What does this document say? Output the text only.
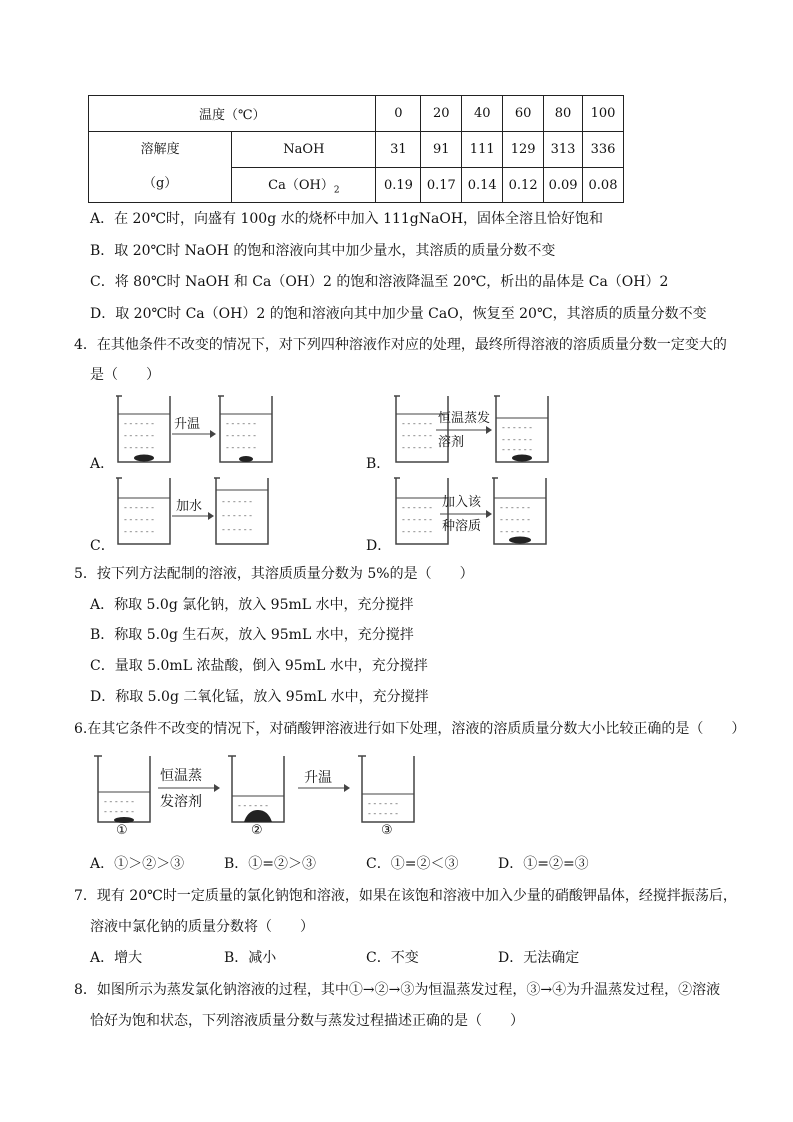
温度（℃）		0	20	40	60	80	100
溶解度
（g）	NaOH	31	91	111	129	313	336
	$Ca(OH)_2$	0.19	0.17	0.14	0.12	0.09	0.08
A．在 20℃时，向盛有 100g 水的烧杯中加入 111gNaOH，固体全溶且恰好饱和
B．取 20℃时 NaOH 的饱和溶液向其中加少量水，其溶质的质量分数不变
C．将 80℃时 NaOH 和 Ca（OH）2 的饱和溶液降温至 20℃，析出的晶体是 Ca（OH）2
D．取 20℃时 Ca（OH）2 的饱和溶液向其中加少量 CaO，恢复至 20℃，其溶质的质量分数不变
4．在其他条件不改变的情况下，对下列四种溶液作对应的处理，最终所得溶液的溶质质量分数一定变大的
是（　　）
A．	B．
C．	D．
- - - - - -
- - - - - -
- - - - - -
升温	- - - - - -
- - - - - -
- - - - - -
- - - - - -
- - - - - -
- - - - - -
恒温蒸发
溶剂
- - - - - -
- - - - - -
- - - - - -
- - - - - -
- - - - - -
- - - - - -
加水 - - - - - -
- - - - - -
- - - - - -
- - - - - -
- - - - - -
- - - - - -
加入该
种溶质
- - - - - -
- - - - - -
- - - - - -
5．按下列方法配制的溶液，其溶质质量分数为 5%的是（　　）
A．称取 5.0g 氯化钠，放入 95mL 水中，充分搅拌
B．称取 5.0g 生石灰，放入 95mL 水中，充分搅拌
C．量取 5.0mL 浓盐酸，倒入 95mL 水中，充分搅拌
D．称取 5.0g 二氧化锰，放入 95mL 水中，充分搅拌
6.在其它条件不改变的情况下，对硝酸钾溶液进行如下处理，溶液的溶质质量分数大小比较正确的是（　　）
- - - - - -
- - - - - -
①
恒温蒸
发溶剂	- - - - - -
②
升温
- - - - - -
- - - - - -
③
A．①＞②＞③	B．①=②＞③	C．①=②＜③	D．①=②=③
7．现有 20℃时一定质量的氯化钠饱和溶液，如果在该饱和溶液中加入少量的硝酸钾晶体，经搅拌振荡后，
溶液中氯化钠的质量分数将（　　）
A．增大	B．减小	C．不变	D．无法确定
8．如图所示为蒸发氯化钠溶液的过程，其中①→②→③为恒温蒸发过程，③→④为升温蒸发过程，②溶液
恰好为饱和状态，下列溶液质量分数与蒸发过程描述正确的是（　　）
